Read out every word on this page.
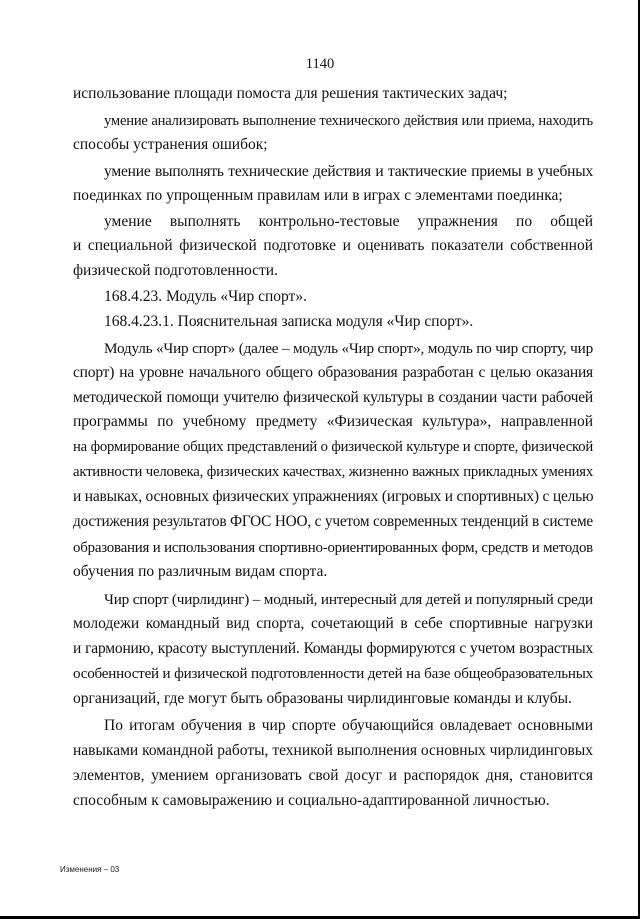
1140
использование площади помоста для решения тактических задач;
умение анализировать выполнение технического действия или приема, находить
способы устранения ошибок;
умение выполнять технические действия и тактические приемы в учебных
поединках по упрощенным правилам или в играх с элементами поединка;
умение выполнять контрольно-тестовые упражнения по общей
и специальной физической подготовке и оценивать показатели собственной
физической подготовленности.
168.4.23. Модуль «Чир спорт».
168.4.23.1. Пояснительная записка модуля «Чир спорт».
Модуль «Чир спорт» (далее – модуль «Чир спорт», модуль по чир спорту, чир
спорт) на уровне начального общего образования разработан с целью оказания
методической помощи учителю физической культуры в создании части рабочей
программы по учебному предмету «Физическая культура», направленной
на формирование общих представлений о физической культуре и спорте, физической
активности человека, физических качествах, жизненно важных прикладных умениях
и навыках, основных физических упражнениях (игровых и спортивных) с целью
достижения результатов ФГОС НОО, с учетом современных тенденций в системе
образования и использования спортивно-ориентированных форм, средств и методов
обучения по различным видам спорта.
Чир спорт (чирлидинг) – модный, интересный для детей и популярный среди
молодежи командный вид спорта, сочетающий в себе спортивные нагрузки
и гармонию, красоту выступлений. Команды формируются с учетом возрастных
особенностей и физической подготовленности детей на базе общеобразовательных
организаций, где могут быть образованы чирлидинговые команды и клубы.
По итогам обучения в чир спорте обучающийся овладевает основными
навыками командной работы, техникой выполнения основных чирлидинговых
элементов, умением организовать свой досуг и распорядок дня, становится
способным к самовыражению и социально-адаптированной личностью.
Изменения – 03
